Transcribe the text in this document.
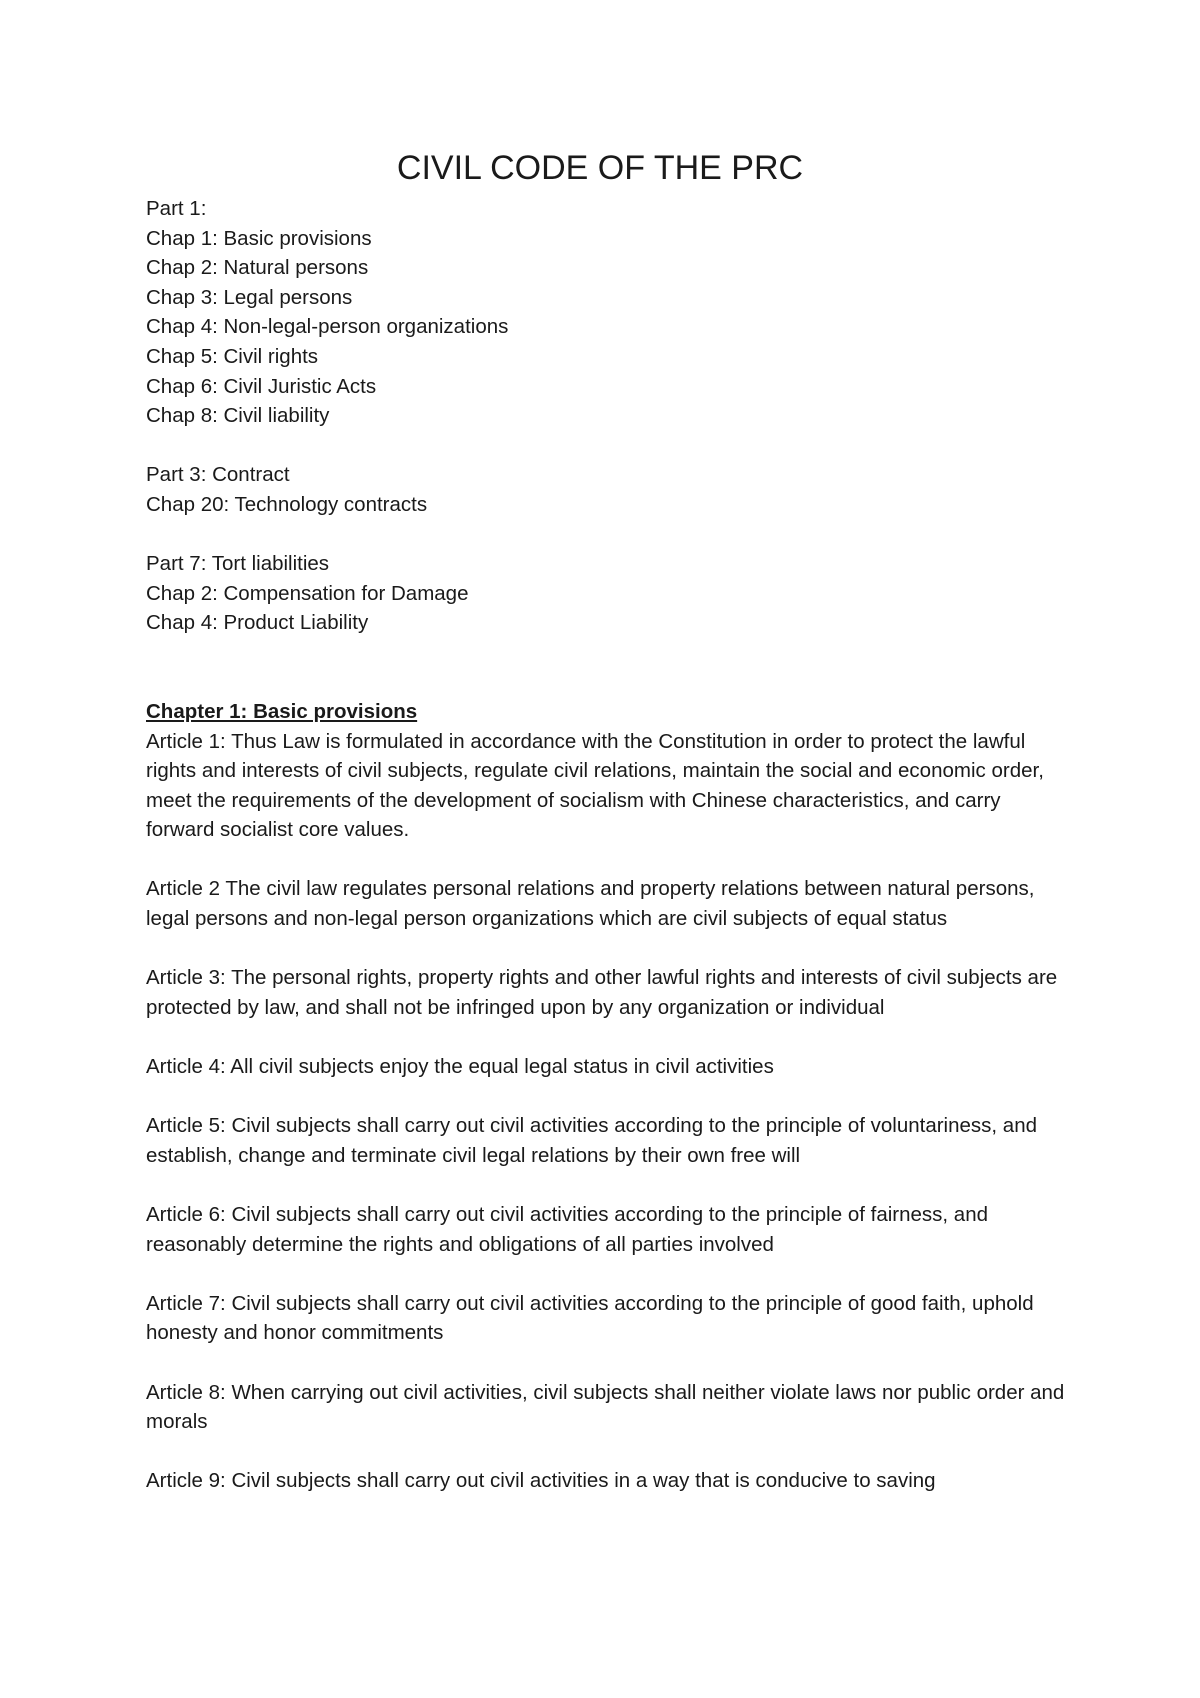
CIVIL CODE OF THE PRC

Part 1:

Chap 1: Basic provisions

Chap 2: Natural persons

Chap 3: Legal persons

Chap 4: Non-legal-person organizations

Chap 5: Civil rights

Chap 6: Civil Juristic Acts

Chap 8: Civil liability

Part 3: Contract

Chap 20: Technology contracts

Part 7: Tort liabilities

Chap 2: Compensation for Damage

Chap 4: Product Liability

Chapter 1: Basic provisions

Article 1: Thus Law is formulated in accordance with the Constitution in order to protect the lawful rights and interests of civil subjects, regulate civil relations, maintain the social and economic order, meet the requirements of the development of socialism with Chinese characteristics, and carry forward socialist core values.

Article 2 The civil law regulates personal relations and property relations between natural persons, legal persons and non-legal person organizations which are civil subjects of equal status

Article 3: The personal rights, property rights and other lawful rights and interests of civil subjects are protected by law, and shall not be infringed upon by any organization or individual

Article 4: All civil subjects enjoy the equal legal status in civil activities

Article 5: Civil subjects shall carry out civil activities according to the principle of voluntariness, and establish, change and terminate civil legal relations by their own free will

Article 6: Civil subjects shall carry out civil activities according to the principle of fairness, and reasonably determine the rights and obligations of all parties involved

Article 7: Civil subjects shall carry out civil activities according to the principle of good faith, uphold honesty and honor commitments

Article 8: When carrying out civil activities, civil subjects shall neither violate laws nor public order and morals

Article 9: Civil subjects shall carry out civil activities in a way that is conducive to saving
